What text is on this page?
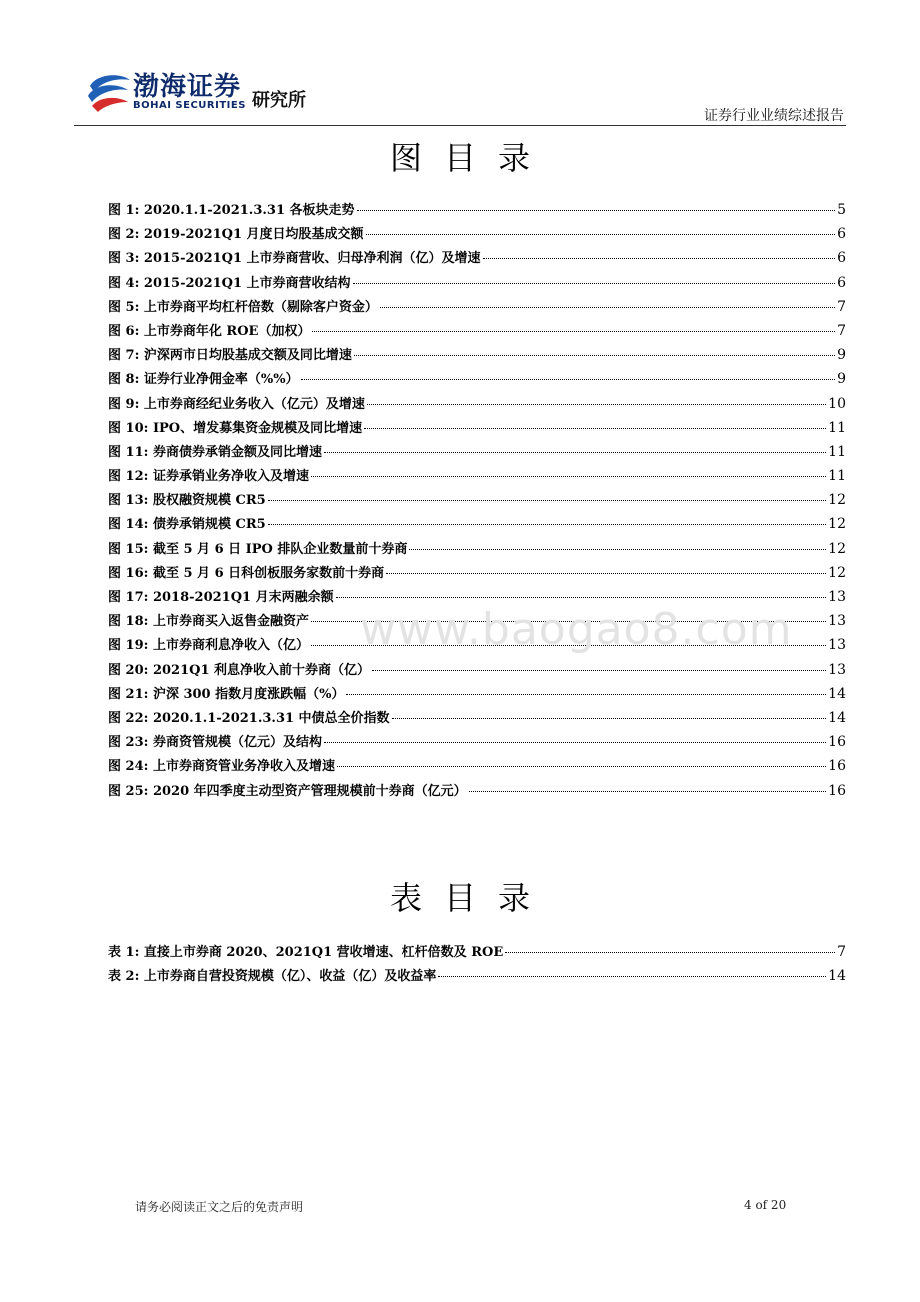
渤海证券
BOHAI SECURITIES 研究所
证券行业业绩综述报告
图目录
图 1: 2020.1.1-2021.3.31 各板块走势	5
图 2: 2019-2021Q1 月度日均股基成交额	6
图 3: 2015-2021Q1 上市券商营收、归母净利润（亿）及增速	6
图 4: 2015-2021Q1 上市券商营收结构	6
图 5: 上市券商平均杠杆倍数（剔除客户资金）	7
图 6: 上市券商年化 ROE（加权）	7
图 7: 沪深两市日均股基成交额及同比增速	9
图 8: 证券行业净佣金率（%%）	9
图 9: 上市券商经纪业务收入（亿元）及增速	10
图 10: IPO、增发募集资金规模及同比增速	11
图 11: 券商债券承销金额及同比增速	11
图 12: 证券承销业务净收入及增速	11
图 13: 股权融资规模 CR5	12
图 14: 债券承销规模 CR5	12
图 15: 截至 5 月 6 日 IPO 排队企业数量前十券商	12
图 16: 截至 5 月 6 日科创板服务家数前十券商	12
图 17: 2018-2021Q1 月末两融余额	13
图 18: 上市券商买入返售金融资产	13
图 19: 上市券商利息净收入（亿）	13
图 20: 2021Q1 利息净收入前十券商（亿）	13
图 21: 沪深 300 指数月度涨跌幅（%）	14
图 22: 2020.1.1-2021.3.31 中债总全价指数	14
图 23: 券商资管规模（亿元）及结构	16
图 24: 上市券商资管业务净收入及增速	16
图 25: 2020 年四季度主动型资产管理规模前十券商（亿元）	16
www.baogao8.com
表目录
表 1: 直接上市券商 2020、2021Q1 营收增速、杠杆倍数及 ROE	7
表 2: 上市券商自营投资规模（亿）、收益（亿）及收益率	14
请务必阅读正文之后的免责声明	4 of 20
